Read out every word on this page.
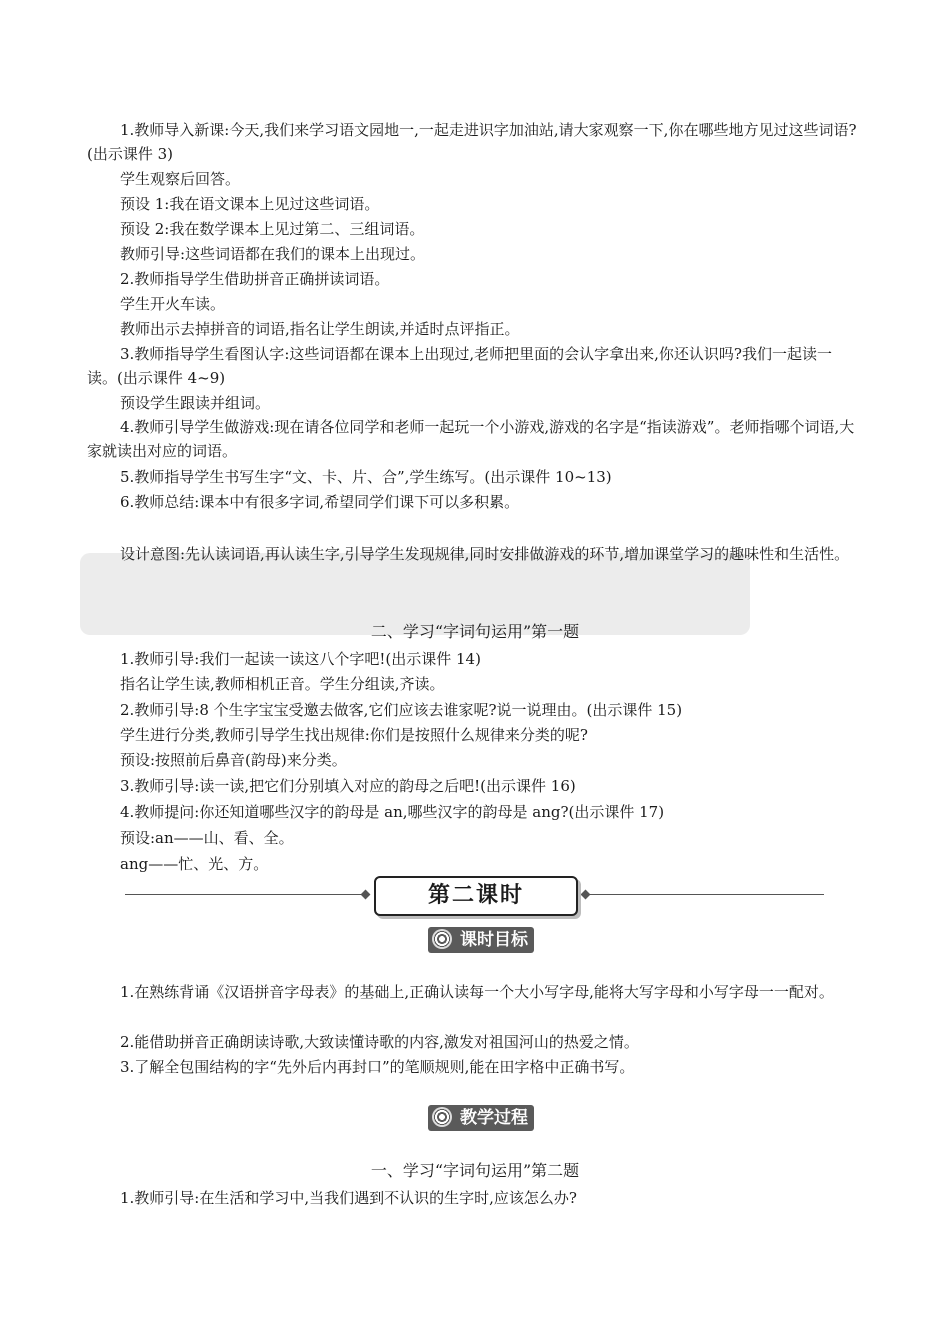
1.教师导入新课:今天,我们来学习语文园地一,一起走进识字加油站,请大家观察一下,你在哪些地方见过这些词语?(出示课件 3)
学生观察后回答。
预设 1:我在语文课本上见过这些词语。
预设 2:我在数学课本上见过第二、三组词语。
教师引导:这些词语都在我们的课本上出现过。
2.教师指导学生借助拼音正确拼读词语。
学生开火车读。
教师出示去掉拼音的词语,指名让学生朗读,并适时点评指正。
3.教师指导学生看图认字:这些词语都在课本上出现过,老师把里面的会认字拿出来,你还认识吗?我们一起读一读。(出示课件 4~9)
预设学生跟读并组词。
4.教师引导学生做游戏:现在请各位同学和老师一起玩一个小游戏,游戏的名字是“指读游戏”。老师指哪个词语,大家就读出对应的词语。
5.教师指导学生书写生字“文、卡、片、合”,学生练写。(出示课件 10~13)
6.教师总结:课本中有很多字词,希望同学们课下可以多积累。
设计意图:先认读词语,再认读生字,引导学生发现规律,同时安排做游戏的环节,增加课堂学习的趣味性和生活性。
二、学习“字词句运用”第一题
1.教师引导:我们一起读一读这八个字吧!(出示课件 14)
指名让学生读,教师相机正音。学生分组读,齐读。
2.教师引导:8 个生字宝宝受邀去做客,它们应该去谁家呢?说一说理由。(出示课件 15)
学生进行分类,教师引导学生找出规律:你们是按照什么规律来分类的呢?
预设:按照前后鼻音(韵母)来分类。
3.教师引导:读一读,把它们分别填入对应的韵母之后吧!(出示课件 16)
4.教师提问:你还知道哪些汉字的韵母是 an,哪些汉字的韵母是 ang?(出示课件 17)
预设:an——山、看、全。
ang——忙、光、方。
第二课时
课时目标
1.在熟练背诵《汉语拼音字母表》的基础上,正确认读每一个大小写字母,能将大写字母和小写字母一一配对。
2.能借助拼音正确朗读诗歌,大致读懂诗歌的内容,激发对祖国河山的热爱之情。
3.了解全包围结构的字“先外后内再封口”的笔顺规则,能在田字格中正确书写。
教学过程
一、学习“字词句运用”第二题
1.教师引导:在生活和学习中,当我们遇到不认识的生字时,应该怎么办?
